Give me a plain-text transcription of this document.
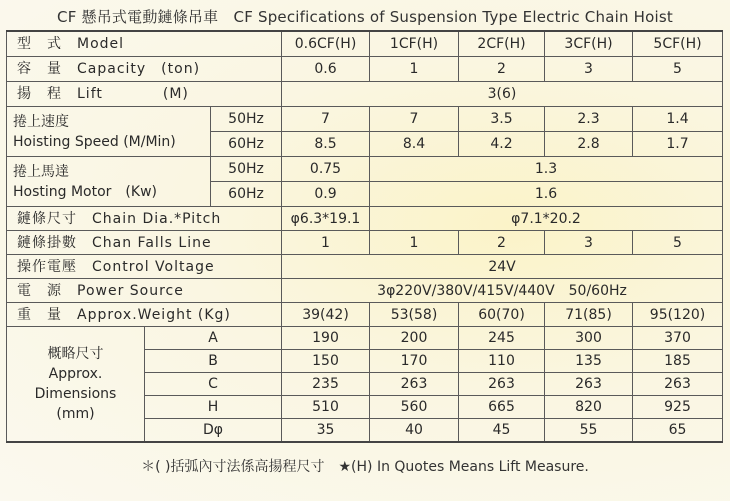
CF 懸吊式電動鏈條吊車　CF Specifications of Suspension Type Electric Chain Hoist
型　式　Model			0.6CF(H)	1CF(H)	2CF(H)	3CF(H)	5CF(H)
容　量　Capacity　(ton)			0.6	1	2	3	5
揚　程　Lift　　　　(M)			3(6)				
捲上速度
Hoisting Speed (M/Min)		50Hz	7	7	3.5	2.3	1.4
		60Hz	8.5	8.4	4.2	2.8	1.7
捲上馬達
Hosting Motor　(Kw)		50Hz	0.75	1.3			
		60Hz	0.9	1.6			
鏈條尺寸　Chain Dia.*Pitch			φ6.3*19.1	φ7.1*20.2			
鏈條掛數　Chan Falls Line			1	1	2	3	5
操作電壓　Control Voltage			24V				
電　源　Power Source			3φ220V/380V/415V/440V　50/60Hz				
重　量　Approx.Weight (Kg)			39(42)	53(58)	60(70)	71(85)	95(120)
概略尺寸
Approx.
Dimensions
(mm)	A		190	200	245	300	370
	B		150	170	110	135	185
	C		235	263	263	263	263
	H		510	560	665	820	925
	Dφ		35	40	45	55	65
＊( )括弧內寸法係高揚程尺寸　★(H) In Quotes Means Lift Measure.
